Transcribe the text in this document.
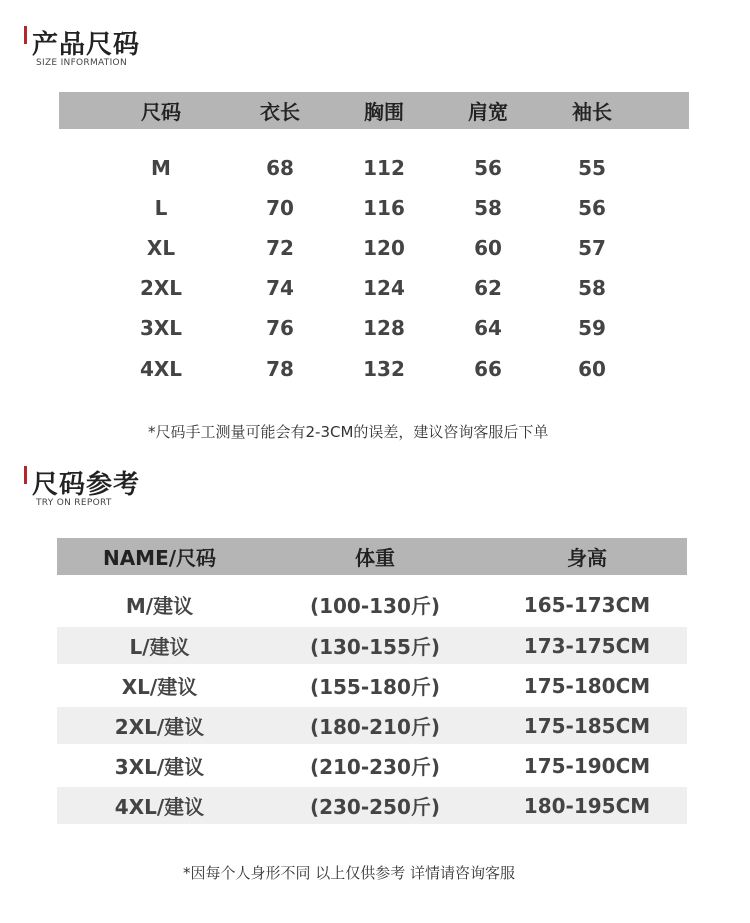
产品尺码
SIZE INFORMATION
尺码	衣长	胸围	肩宽	袖长
M	68	112	56	55
L	70	116	58	56
XL	72	120	60	57
2XL	74	124	62	58
3XL	76	128	64	59
4XL	78	132	66	60
*尺码手工测量可能会有2-3CM的误差，建议咨询客服后下单
尺码参考
TRY ON REPORT
NAME/尺码	体重	身高
M/建议	(100-130斤)	165-173CM
L/建议	(130-155斤)	173-175CM
XL/建议	(155-180斤)	175-180CM
2XL/建议	(180-210斤)	175-185CM
3XL/建议	(210-230斤)	175-190CM
4XL/建议	(230-250斤)	180-195CM
*因每个人身形不同 以上仅供参考 详情请咨询客服
